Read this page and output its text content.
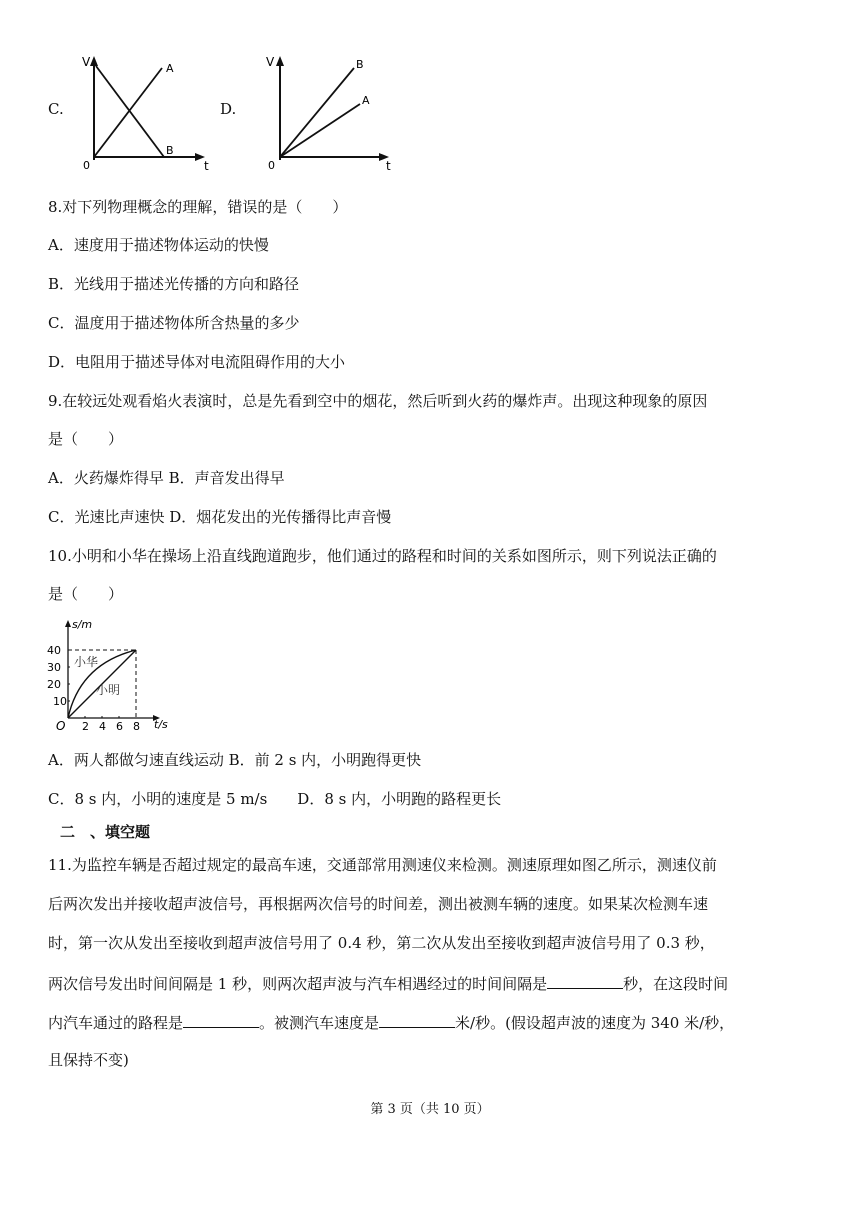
C.
V	A
B
0	t
D.
V	B
A
0	t
8.对下列物理概念的理解，错误的是（　　）
A．速度用于描述物体运动的快慢
B．光线用于描述光传播的方向和路径
C．温度用于描述物体所含热量的多少
D．电阻用于描述导体对电流阻碍作用的大小
9.在较远处观看焰火表演时，总是先看到空中的烟花，然后听到火药的爆炸声。出现这种现象的原因
是（　　）
A．火药爆炸得早 B．声音发出得早
C．光速比声速快 D．烟花发出的光传播得比声音慢
10.小明和小华在操场上沿直线跑道跑步，他们通过的路程和时间的关系如图所示，则下列说法正确的
是（　　）
s/m
t/s
O
10
20
30
40
2 4 6 8
小华
小明
A．两人都做匀速直线运动 B．前 2 s 内，小明跑得更快
C．8 s 内，小明的速度是 5 m/s　　D．8 s 内，小明跑的路程更长
二　、填空题
11.为监控车辆是否超过规定的最高车速，交通部常用测速仪来检测。测速原理如图乙所示，测速仪前
后两次发出并接收超声波信号，再根据两次信号的时间差，测出被测车辆的速度。如果某次检测车速
时，第一次从发出至接收到超声波信号用了 0.4 秒，第二次从发出至接收到超声波信号用了 0.3 秒，
两次信号发出时间间隔是 1 秒，则两次超声波与汽车相遇经过的时间间隔是	秒，在这段时间
内汽车通过的路程是	。被测汽车速度是	米/秒。(假设超声波的速度为 340 米/秒，
且保持不变)
第 3 页（共 10 页）
